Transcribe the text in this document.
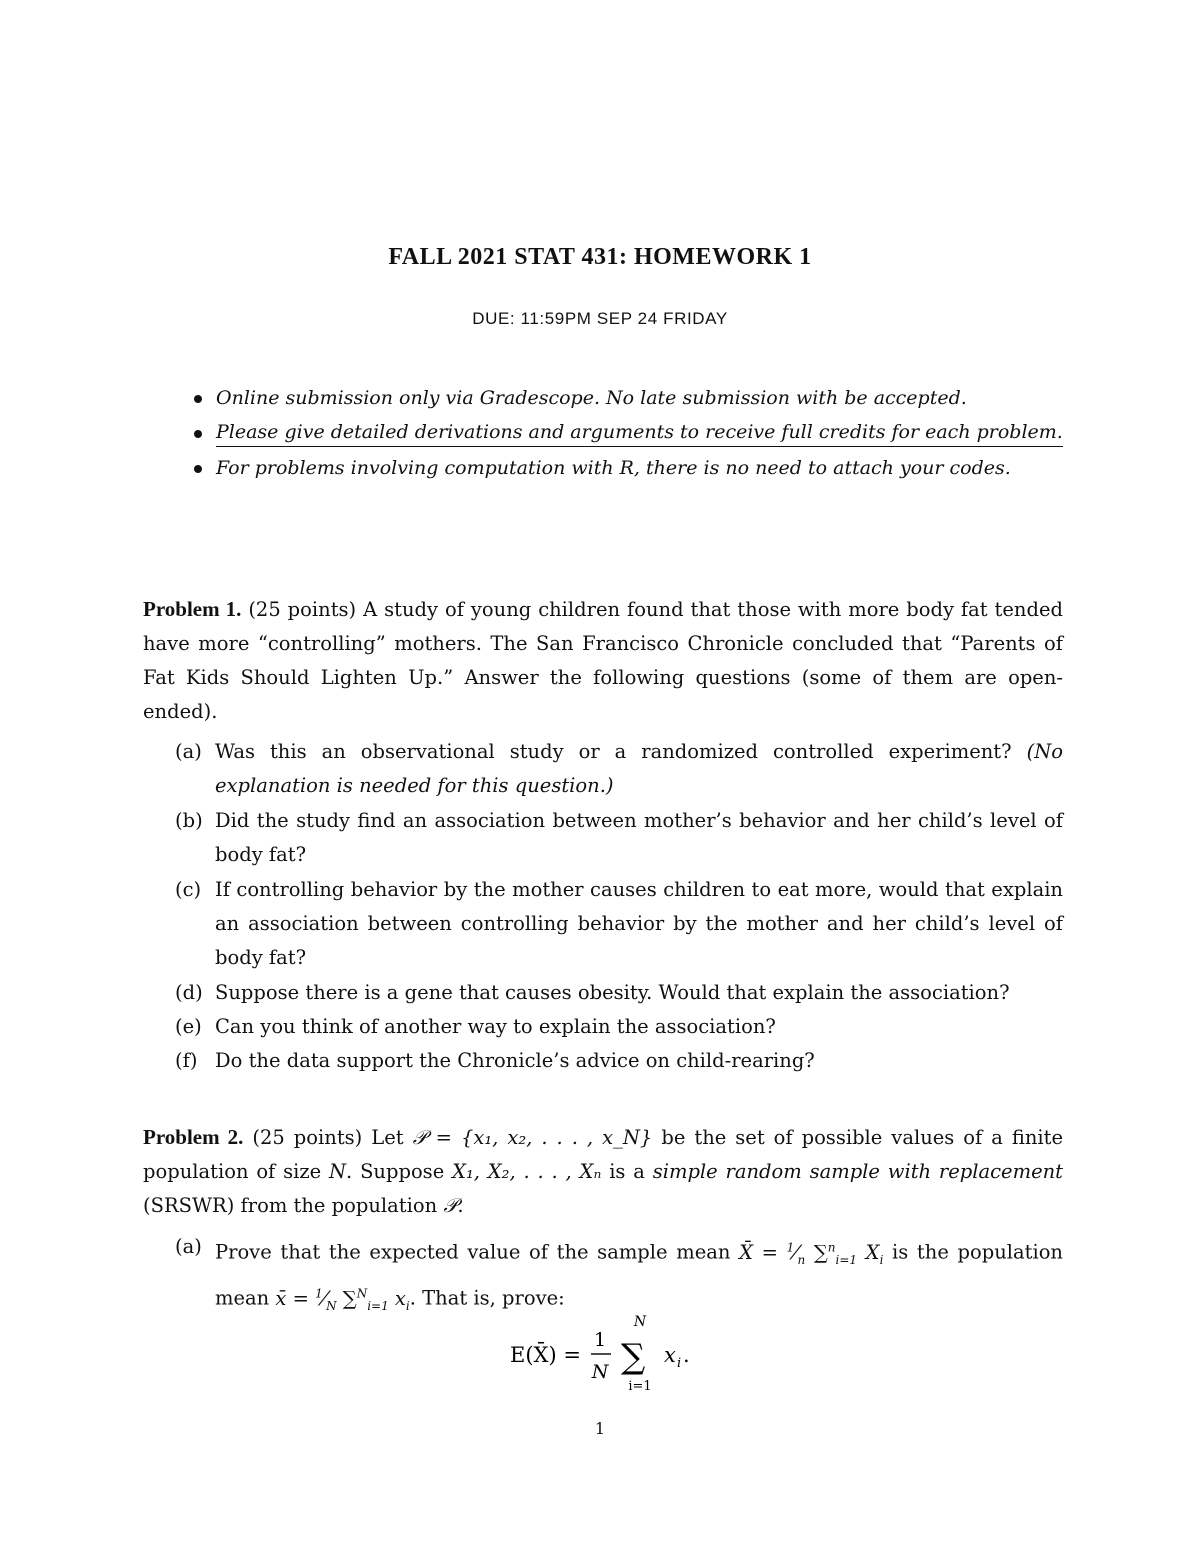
FALL 2021 STAT 431: HOMEWORK 1
DUE: 11:59PM SEP 24 FRIDAY
Online submission only via Gradescope. No late submission with be accepted.
Please give detailed derivations and arguments to receive full credits for each problem.
For problems involving computation with R, there is no need to attach your codes.
Problem 1. (25 points) A study of young children found that those with more body fat tended have more “controlling” mothers. The San Francisco Chronicle concluded that “Parents of Fat Kids Should Lighten Up.” Answer the following questions (some of them are open-ended).
(a) Was this an observational study or a randomized controlled experiment? (No explanation is needed for this question.)
(b) Did the study find an association between mother’s behavior and her child’s level of body fat?
(c) If controlling behavior by the mother causes children to eat more, would that explain an association between controlling behavior by the mother and her child’s level of body fat?
(d) Suppose there is a gene that causes obesity. Would that explain the association?
(e) Can you think of another way to explain the association?
(f) Do the data support the Chronicle’s advice on child-rearing?
Problem 2. (25 points) Let 𝒫 = {x₁, x₂, . . . , x_N} be the set of possible values of a finite population of size N. Suppose X₁, X₂, . . . , Xₙ is a simple random sample with replacement (SRSWR) from the population 𝒫.
(a) Prove that the expected value of the sample mean X̄ = $^1⁄_n$ ∑$^n_{i=1}$ $X_i$ is the population mean x̄ = $^1⁄_N$ ∑$^N_{i=1}$ $x_i$. That is, prove:
E(X̄) =
1
N ∑
N
i=1
x i .
1
